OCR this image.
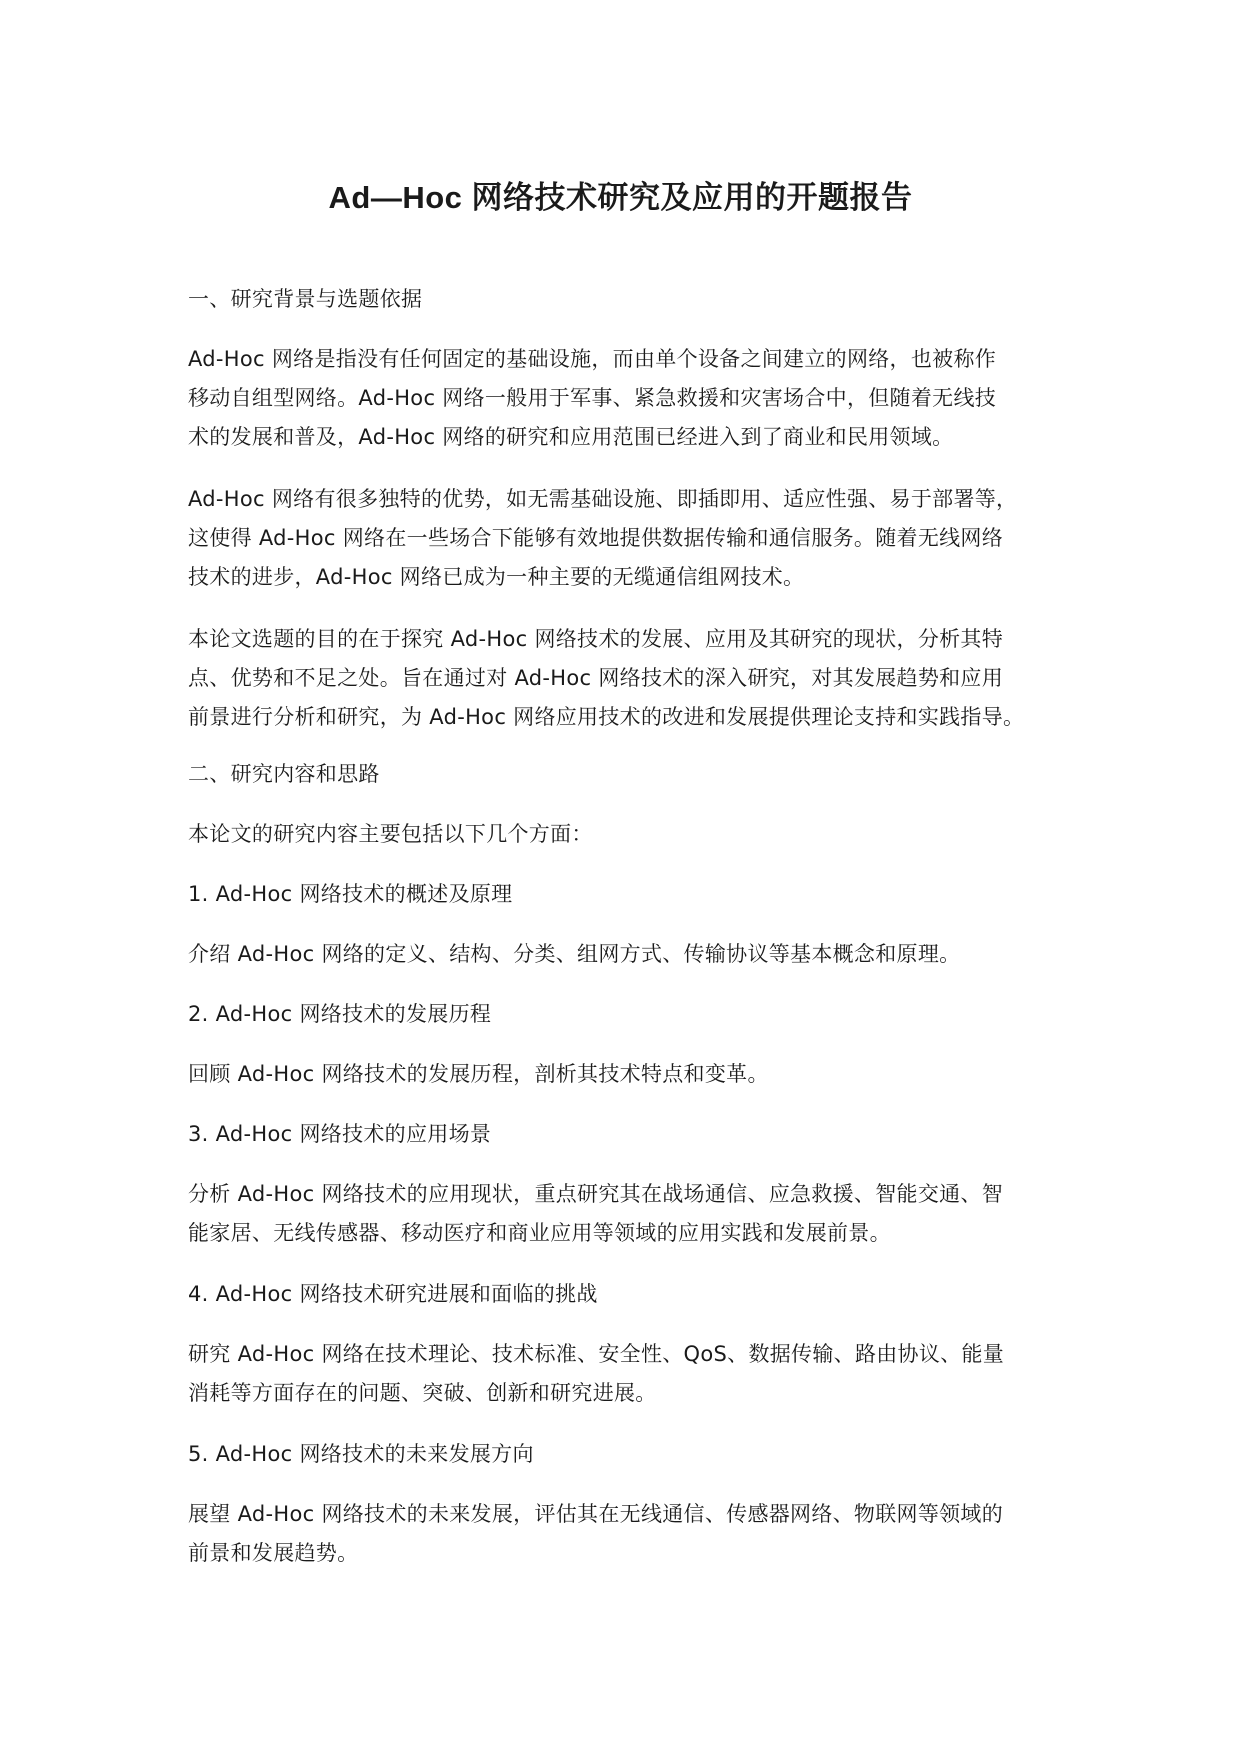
Ad—Hoc 网络技术研究及应用的开题报告

一、研究背景与选题依据

Ad-Hoc 网络是指没有任何固定的基础设施，而由单个设备之间建立的网络，也被称作
移动自组型网络。Ad-Hoc 网络一般用于军事、紧急救援和灾害场合中，但随着无线技
术的发展和普及，Ad-Hoc 网络的研究和应用范围已经进入到了商业和民用领域。
Ad-Hoc 网络有很多独特的优势，如无需基础设施、即插即用、适应性强、易于部署等，
这使得 Ad-Hoc 网络在一些场合下能够有效地提供数据传输和通信服务。随着无线网络
技术的进步，Ad-Hoc 网络已成为一种主要的无缆通信组网技术。
本论文选题的目的在于探究 Ad-Hoc 网络技术的发展、应用及其研究的现状，分析其特
点、优势和不足之处。旨在通过对 Ad-Hoc 网络技术的深入研究，对其发展趋势和应用
前景进行分析和研究，为 Ad-Hoc 网络应用技术的改进和发展提供理论支持和实践指导。

二、研究内容和思路

本论文的研究内容主要包括以下几个方面：

1. Ad-Hoc 网络技术的概述及原理

介绍 Ad-Hoc 网络的定义、结构、分类、组网方式、传输协议等基本概念和原理。

2. Ad-Hoc 网络技术的发展历程

回顾 Ad-Hoc 网络技术的发展历程，剖析其技术特点和变革。

3. Ad-Hoc 网络技术的应用场景

分析 Ad-Hoc 网络技术的应用现状，重点研究其在战场通信、应急救援、智能交通、智
能家居、无线传感器、移动医疗和商业应用等领域的应用实践和发展前景。

4. Ad-Hoc 网络技术研究进展和面临的挑战

研究 Ad-Hoc 网络在技术理论、技术标准、安全性、QoS、数据传输、路由协议、能量
消耗等方面存在的问题、突破、创新和研究进展。

5. Ad-Hoc 网络技术的未来发展方向

展望 Ad-Hoc 网络技术的未来发展，评估其在无线通信、传感器网络、物联网等领域的
前景和发展趋势。
